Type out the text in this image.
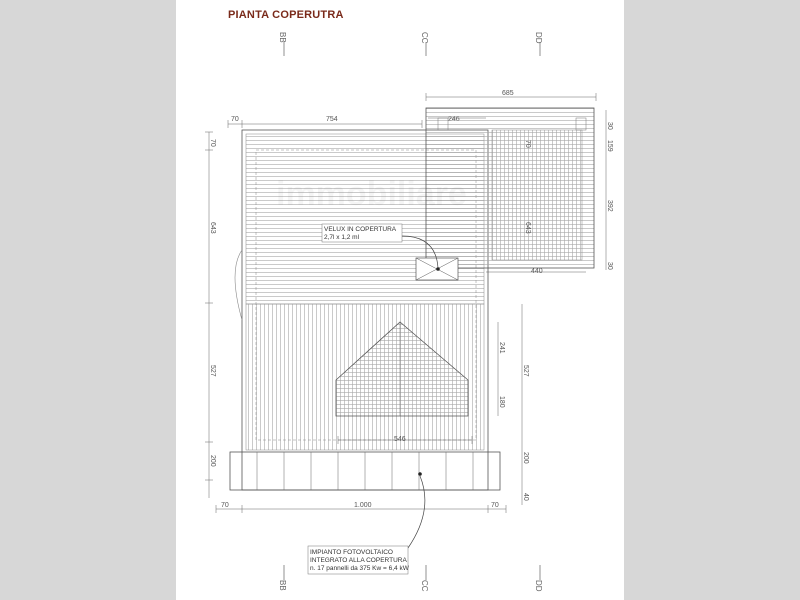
PIANTA COPERUTRA
BB
BB
CC
CC
DD
DD
70	754
685
30
159
392
30
440
70
643
527
200
70
643
VELUX IN COPERTURA
2,7l x 1,2 ml
546
241
180
527
200
40
70	1.000	70
IMPIANTO FOTOVOLTAICO
INTEGRATO ALLA COPERTURA
n. 17 pannelli da 375 Kw = 6,4 kW
immobiliare
